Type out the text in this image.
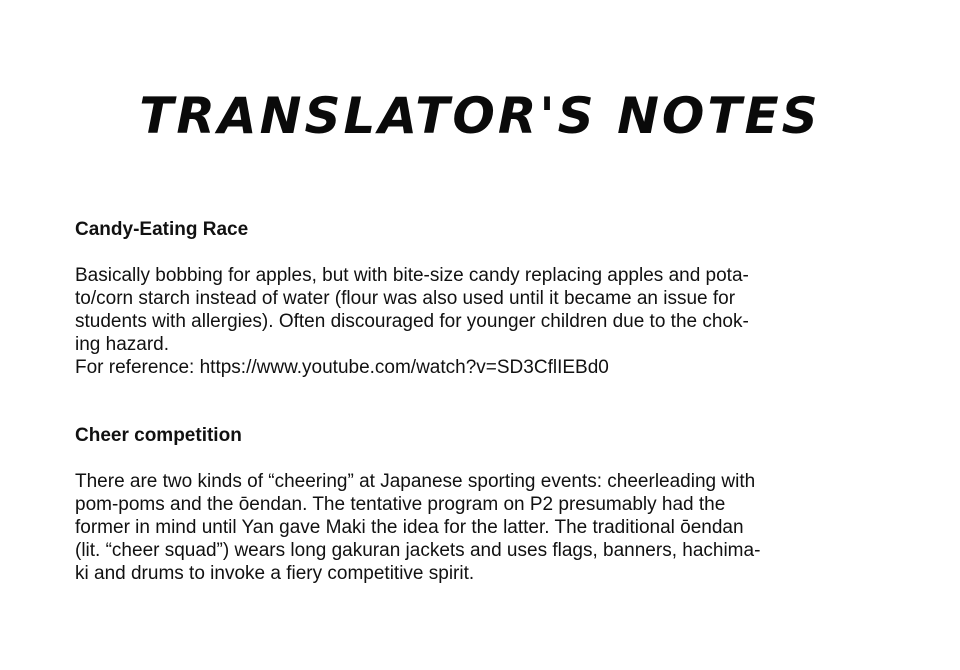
TRANSLATOR'S NOTES
Candy-Eating Race
Basically bobbing for apples, but with bite-size candy replacing apples and pota-
to/corn starch instead of water (flour was also used until it became an issue for
students with allergies). Often discouraged for younger children due to the chok-
ing hazard.
For reference: https://www.youtube.com/watch?v=SD3CflIEBd0
Cheer competition
There are two kinds of “cheering” at Japanese sporting events: cheerleading with
pom-poms and the ōendan. The tentative program on P2 presumably had the
former in mind until Yan gave Maki the idea for the latter. The traditional ōendan
(lit. “cheer squad”) wears long gakuran jackets and uses flags, banners, hachima-
ki and drums to invoke a fiery competitive spirit.
